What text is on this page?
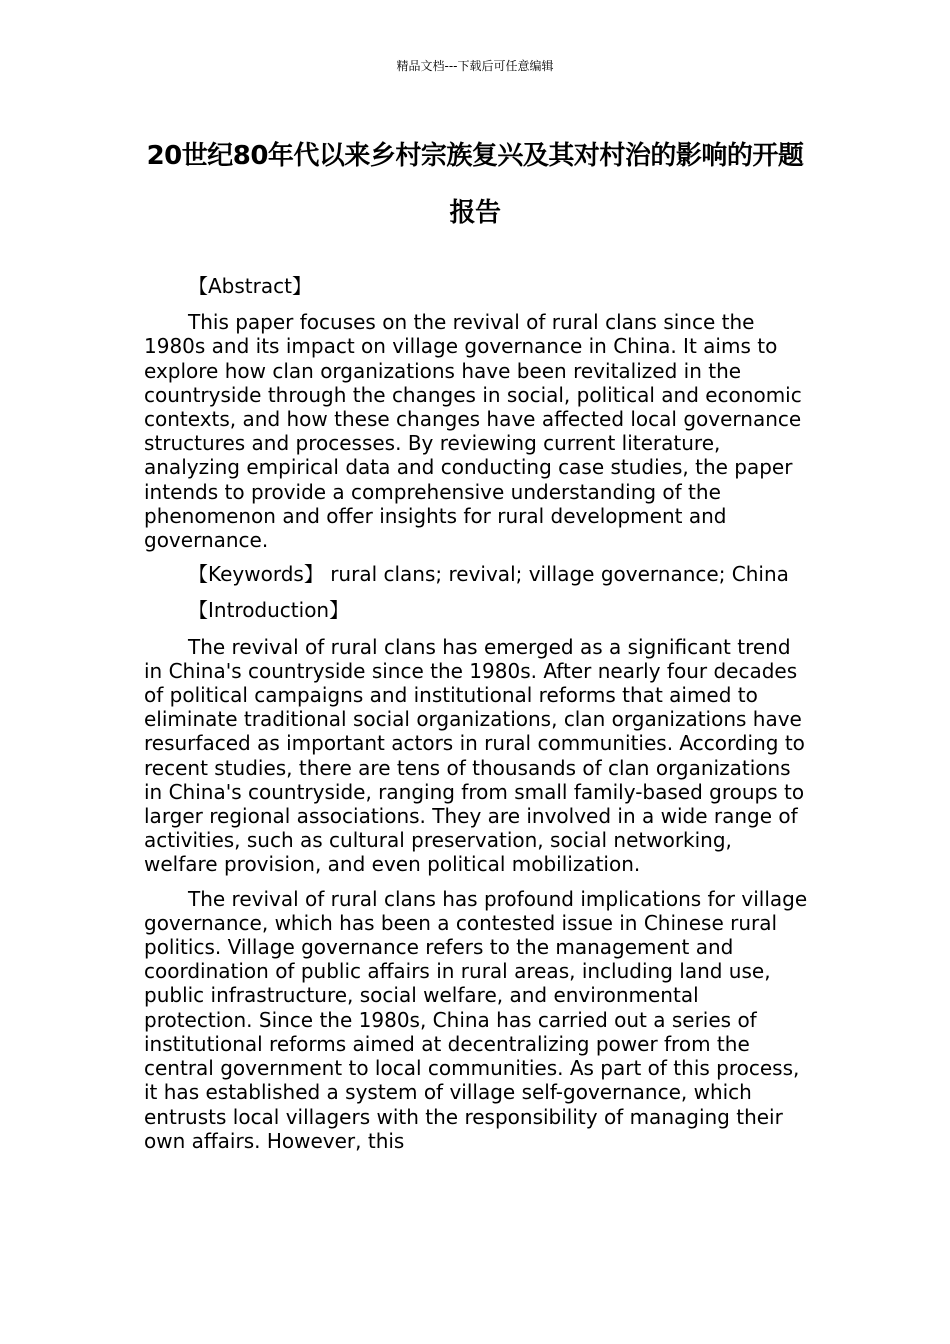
精品文档---下载后可任意编辑
20世纪80年代以来乡村宗族复兴及其对村治的影响的开题报告

【Abstract】

This paper focuses on the revival of rural clans since the 1980s and its impact on village governance in China. It aims to explore how clan organizations have been revitalized in the countryside through the changes in social, political and economic contexts, and how these changes have affected local governance structures and processes. By reviewing current literature, analyzing empirical data and conducting case studies, the paper intends to provide a comprehensive understanding of the phenomenon and offer insights for rural development and governance.

【Keywords】 rural clans; revival; village governance; China

【Introduction】

The revival of rural clans has emerged as a significant trend in China's countryside since the 1980s. After nearly four decades of political campaigns and institutional reforms that aimed to eliminate traditional social organizations, clan organizations have resurfaced as important actors in rural communities. According to recent studies, there are tens of thousands of clan organizations in China's countryside, ranging from small family-based groups to larger regional associations. They are involved in a wide range of activities, such as cultural preservation, social networking, welfare provision, and even political mobilization.

The revival of rural clans has profound implications for village governance, which has been a contested issue in Chinese rural politics. Village governance refers to the management and coordination of public affairs in rural areas, including land use, public infrastructure, social welfare, and environmental protection. Since the 1980s, China has carried out a series of institutional reforms aimed at decentralizing power from the central government to local communities. As part of this process, it has established a system of village self-governance, which entrusts local villagers with the responsibility of managing their own affairs. However, this
